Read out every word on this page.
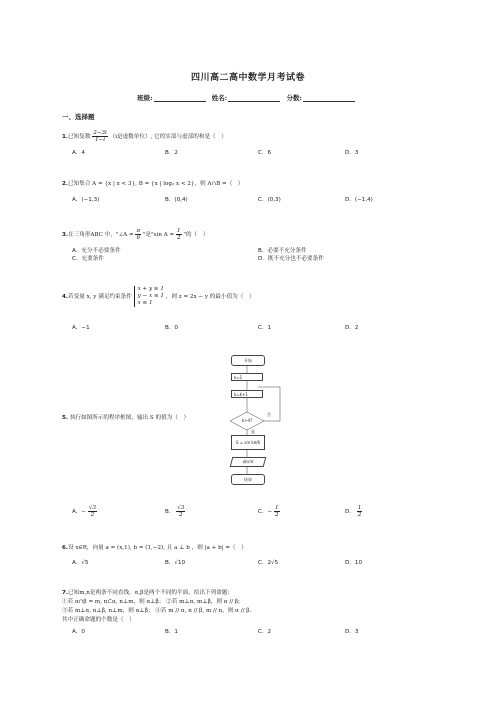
四川高二高中数学月考试卷
班级:	姓名:	分数:
一、选择题
1.已知复数 $\frac{2-3i}{1-i} (i$是虚数单位）, 它的实部与虚部的和是（　）
A．4	B．2	C．6	D．3
2.已知集合 A = {x | x < 3}, B = {x | log₂ x < 2}，则 A∩B =（　）
A．(−1,3)	B．(0,4)	C．(0,3)	D．(−1,4)
3.在三角形ABC 中，"∠A = $\frac{\pi}{6}$ "是"sin $A = \frac{1}{2}$ "的（　）
A．充分不必要条件	B．必要不充分条件
C．充要条件	D．既不充分也不必要条件
4.若变量 x, y 满足约束条件
x + y ≥ 1
y − x ≤ 1
x ≤ 1
，则 z = 2x − y 的最小值为（　）
A．−1	B．0	C．1	D．2
5. 执行如图所示的程序框图，输出 S 的值为（　）
开始
k=1
k=k+1
k>4?
否
是
S = sin kπ/6
输出S
结束
A．− $\frac{√3}{2}$	B． $\frac{√3}{2}$	C．− $\frac{1}{2}$	D． $\frac{1}{2}$
6.设 x∈R，向量 a = (x,1), b = (1,−2), 且 a ⊥ b ，则 |a + b| =（　）
A．√5	B．√10	C．2√5	D．10
7.已知m,n是两条不同直线，α,β是两个不同的平面，给出下列命题:
①若 α∩β = m, n⊂α, n⊥m，则 α⊥β； ②若 m⊥α, m⊥β，则 α // β;
③若 m⊥α, n⊥β, n⊥m，则 α⊥β； ④若 m // α, n // β, m // n，则 α // β.
其中正确命题的个数是（　）
A．0	B．1	C．2	D．3
